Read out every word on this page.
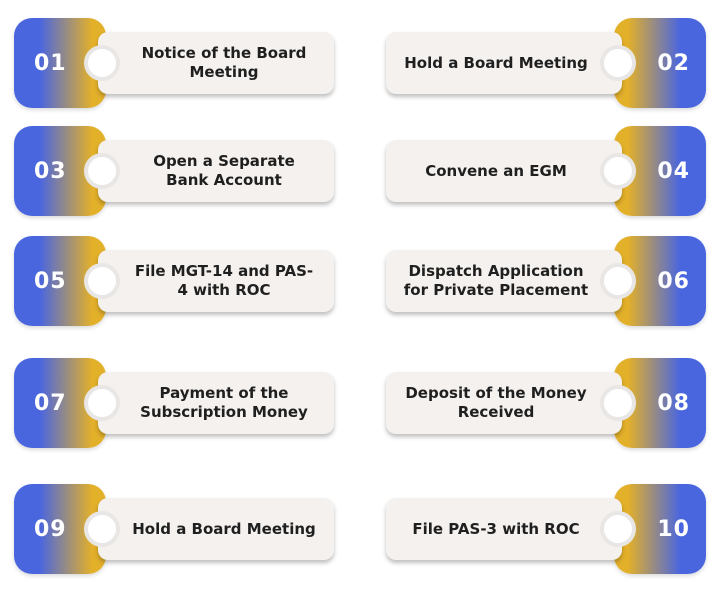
01	Notice of the Board Meeting	02
Hold a Board Meeting
03	Open a Separate Bank Account	04
Convene an EGM
05	File MGT-14 and PAS-4 with ROC	06
Dispatch Application for Private Placement
07	Payment of the Subscription Money	08
Deposit of the Money Received
09	Hold a Board Meeting	10
File PAS-3 with ROC
